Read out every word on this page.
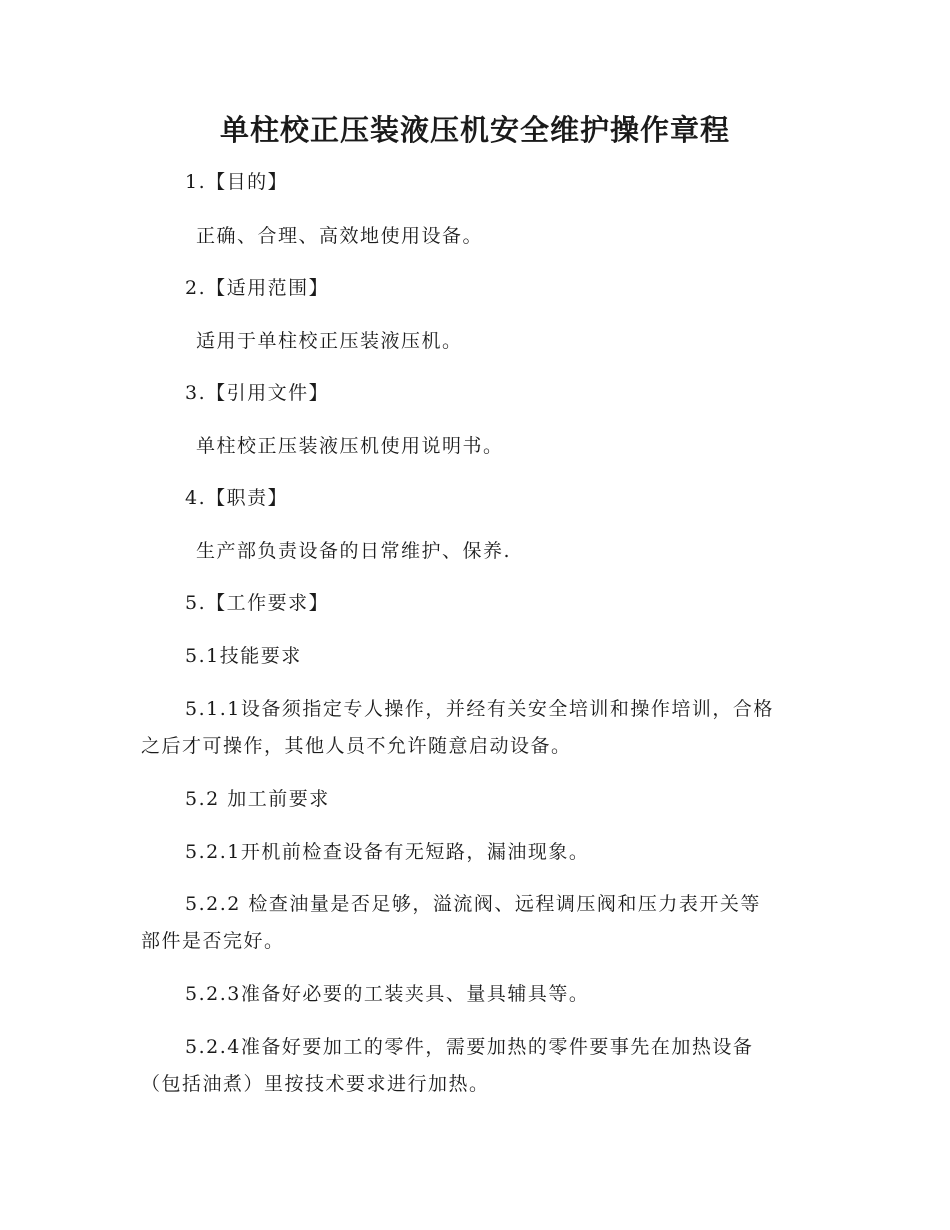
单柱校正压装液压机安全维护操作章程

1.【目的】

正确、合理、高效地使用设备。

2.【适用范围】

适用于单柱校正压装液压机。

3.【引用文件】

单柱校正压装液压机使用说明书。

4.【职责】

生产部负责设备的日常维护、保养.

5.【工作要求】

5.1技能要求

5.1.1设备须指定专人操作，并经有关安全培训和操作培训，合格

之后才可操作，其他人员不允许随意启动设备。

5.2 加工前要求

5.2.1开机前检查设备有无短路，漏油现象。

5.2.2 检查油量是否足够，溢流阀、远程调压阀和压力表开关等

部件是否完好。

5.2.3准备好必要的工装夹具、量具辅具等。

5.2.4准备好要加工的零件，需要加热的零件要事先在加热设备

（包括油煮）里按技术要求进行加热。
